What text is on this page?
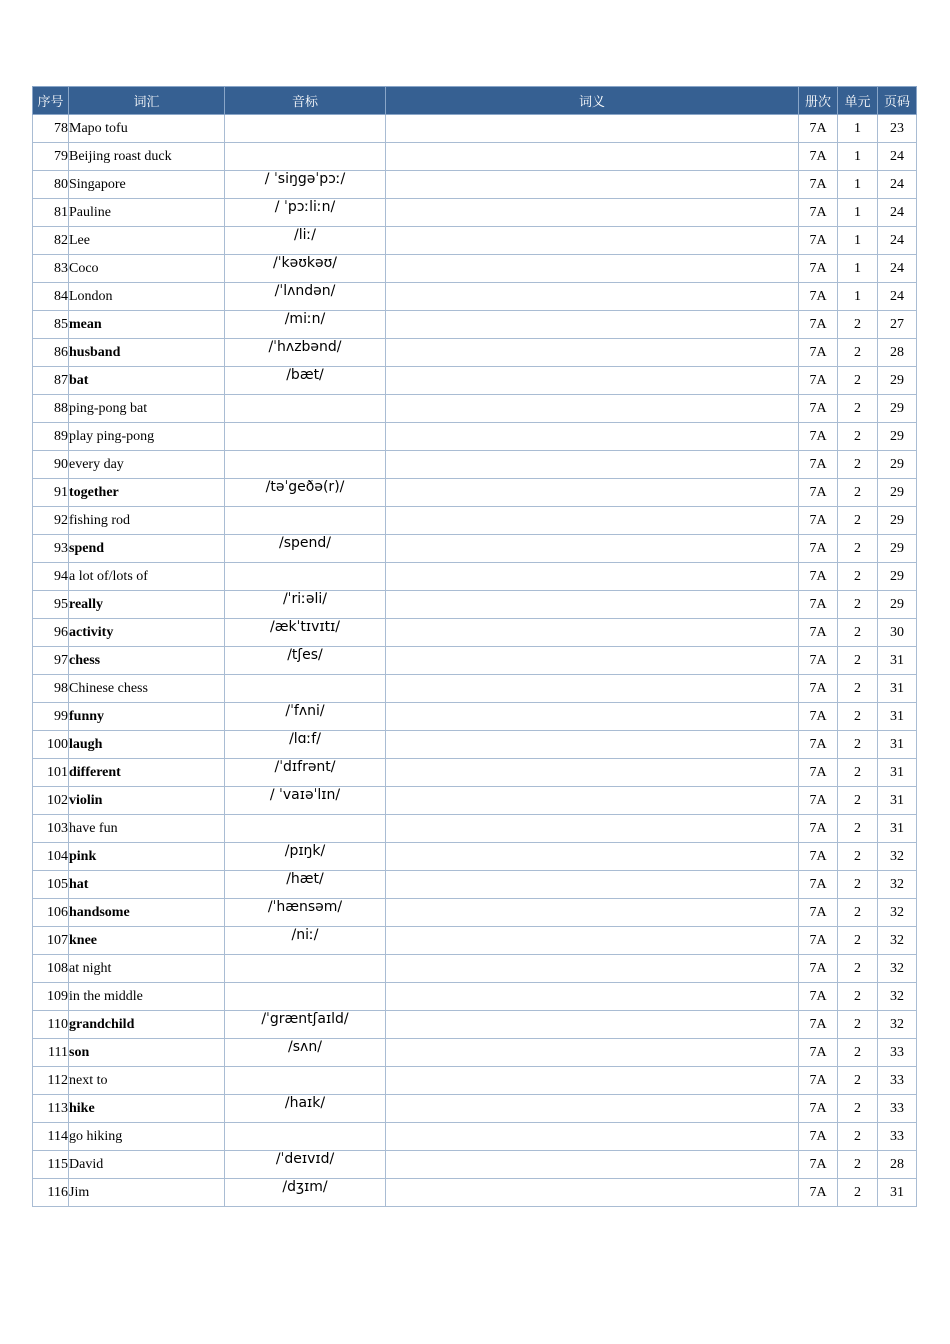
序号	词汇	音标	词义	册次	单元	页码
78	Mapo tofu			7A	1	23
79	Beijing roast duck			7A	1	24
80	Singapore	/ ˈsiŋgəˈpɔː/		7A	1	24
81	Pauline	/ ˈpɔːliːn/		7A	1	24
82	Lee	/liː/		7A	1	24
83	Coco	/ˈkəʊkəʊ/		7A	1	24
84	London	/ˈlʌndən/		7A	1	24
85	mean	/miːn/		7A	2	27
86	husband	/ˈhʌzbənd/		7A	2	28
87	bat	/bæt/		7A	2	29
88	ping-pong bat			7A	2	29
89	play ping-pong			7A	2	29
90	every day			7A	2	29
91	together	/təˈgeðə(r)/		7A	2	29
92	fishing rod			7A	2	29
93	spend	/spend/		7A	2	29
94	a lot of/lots of			7A	2	29
95	really	/ˈriːəli/		7A	2	29
96	activity	/ækˈtɪvɪtɪ/		7A	2	30
97	chess	/tʃes/		7A	2	31
98	Chinese chess			7A	2	31
99	funny	/ˈfʌni/		7A	2	31
100	laugh	/lɑːf/		7A	2	31
101	different	/ˈdɪfrənt/		7A	2	31
102	violin	/ ˈvaɪəˈlɪn/		7A	2	31
103	have fun			7A	2	31
104	pink	/pɪŋk/		7A	2	32
105	hat	/hæt/		7A	2	32
106	handsome	/ˈhænsəm/		7A	2	32
107	knee	/niː/		7A	2	32
108	at night			7A	2	32
109	in the middle			7A	2	32
110	grandchild	/ˈgræntʃaɪld/		7A	2	32
111	son	/sʌn/		7A	2	33
112	next to			7A	2	33
113	hike	/haɪk/		7A	2	33
114	go hiking			7A	2	33
115	David	/ˈdeɪvɪd/		7A	2	28
116	Jim	/dʒɪm/		7A	2	31
